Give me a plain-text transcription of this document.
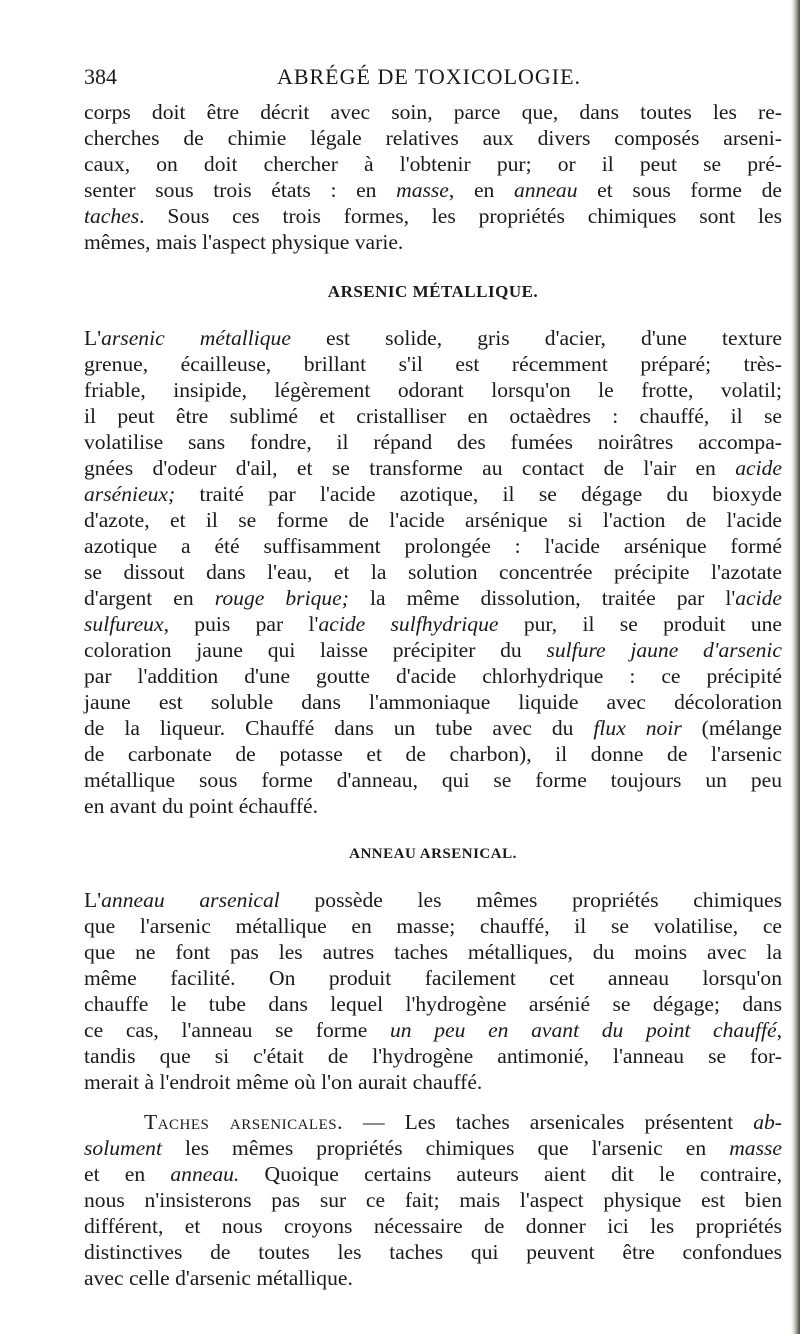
384	ABRÉGÉ DE TOXICOLOGIE.
corps doit être décrit avec soin, parce que, dans toutes les re-
cherches de chimie légale relatives aux divers composés arseni-
caux, on doit chercher à l'obtenir pur; or il peut se pré-
senter sous trois états : en masse, en anneau et sous forme de
taches. Sous ces trois formes, les propriétés chimiques sont les
mêmes, mais l'aspect physique varie.
ARSENIC MÉTALLIQUE.
L'arsenic métallique est solide, gris d'acier, d'une texture
grenue, écailleuse, brillant s'il est récemment préparé; très-
friable, insipide, légèrement odorant lorsqu'on le frotte, volatil;
il peut être sublimé et cristalliser en octaèdres : chauffé, il se
volatilise sans fondre, il répand des fumées noirâtres accompa-
gnées d'odeur d'ail, et se transforme au contact de l'air en acide
arsénieux; traité par l'acide azotique, il se dégage du bioxyde
d'azote, et il se forme de l'acide arsénique si l'action de l'acide
azotique a été suffisamment prolongée : l'acide arsénique formé
se dissout dans l'eau, et la solution concentrée précipite l'azotate
d'argent en rouge brique; la même dissolution, traitée par l'acide
sulfureux, puis par l'acide sulfhydrique pur, il se produit une
coloration jaune qui laisse précipiter du sulfure jaune d'arsenic
par l'addition d'une goutte d'acide chlorhydrique : ce précipité
jaune est soluble dans l'ammoniaque liquide avec décoloration
de la liqueur. Chauffé dans un tube avec du flux noir (mélange
de carbonate de potasse et de charbon), il donne de l'arsenic
métallique sous forme d'anneau, qui se forme toujours un peu
en avant du point échauffé.
ANNEAU ARSENICAL.
L'anneau arsenical possède les mêmes propriétés chimiques
que l'arsenic métallique en masse; chauffé, il se volatilise, ce
que ne font pas les autres taches métalliques, du moins avec la
même facilité. On produit facilement cet anneau lorsqu'on
chauffe le tube dans lequel l'hydrogène arsénié se dégage; dans
ce cas, l'anneau se forme un peu en avant du point chauffé,
tandis que si c'était de l'hydrogène antimonié, l'anneau se for-
merait à l'endroit même où l'on aurait chauffé.
Taches arsenicales. — Les taches arsenicales présentent ab-
solument les mêmes propriétés chimiques que l'arsenic en masse
et en anneau. Quoique certains auteurs aient dit le contraire,
nous n'insisterons pas sur ce fait; mais l'aspect physique est bien
différent, et nous croyons nécessaire de donner ici les propriétés
distinctives de toutes les taches qui peuvent être confondues
avec celle d'arsenic métallique.
